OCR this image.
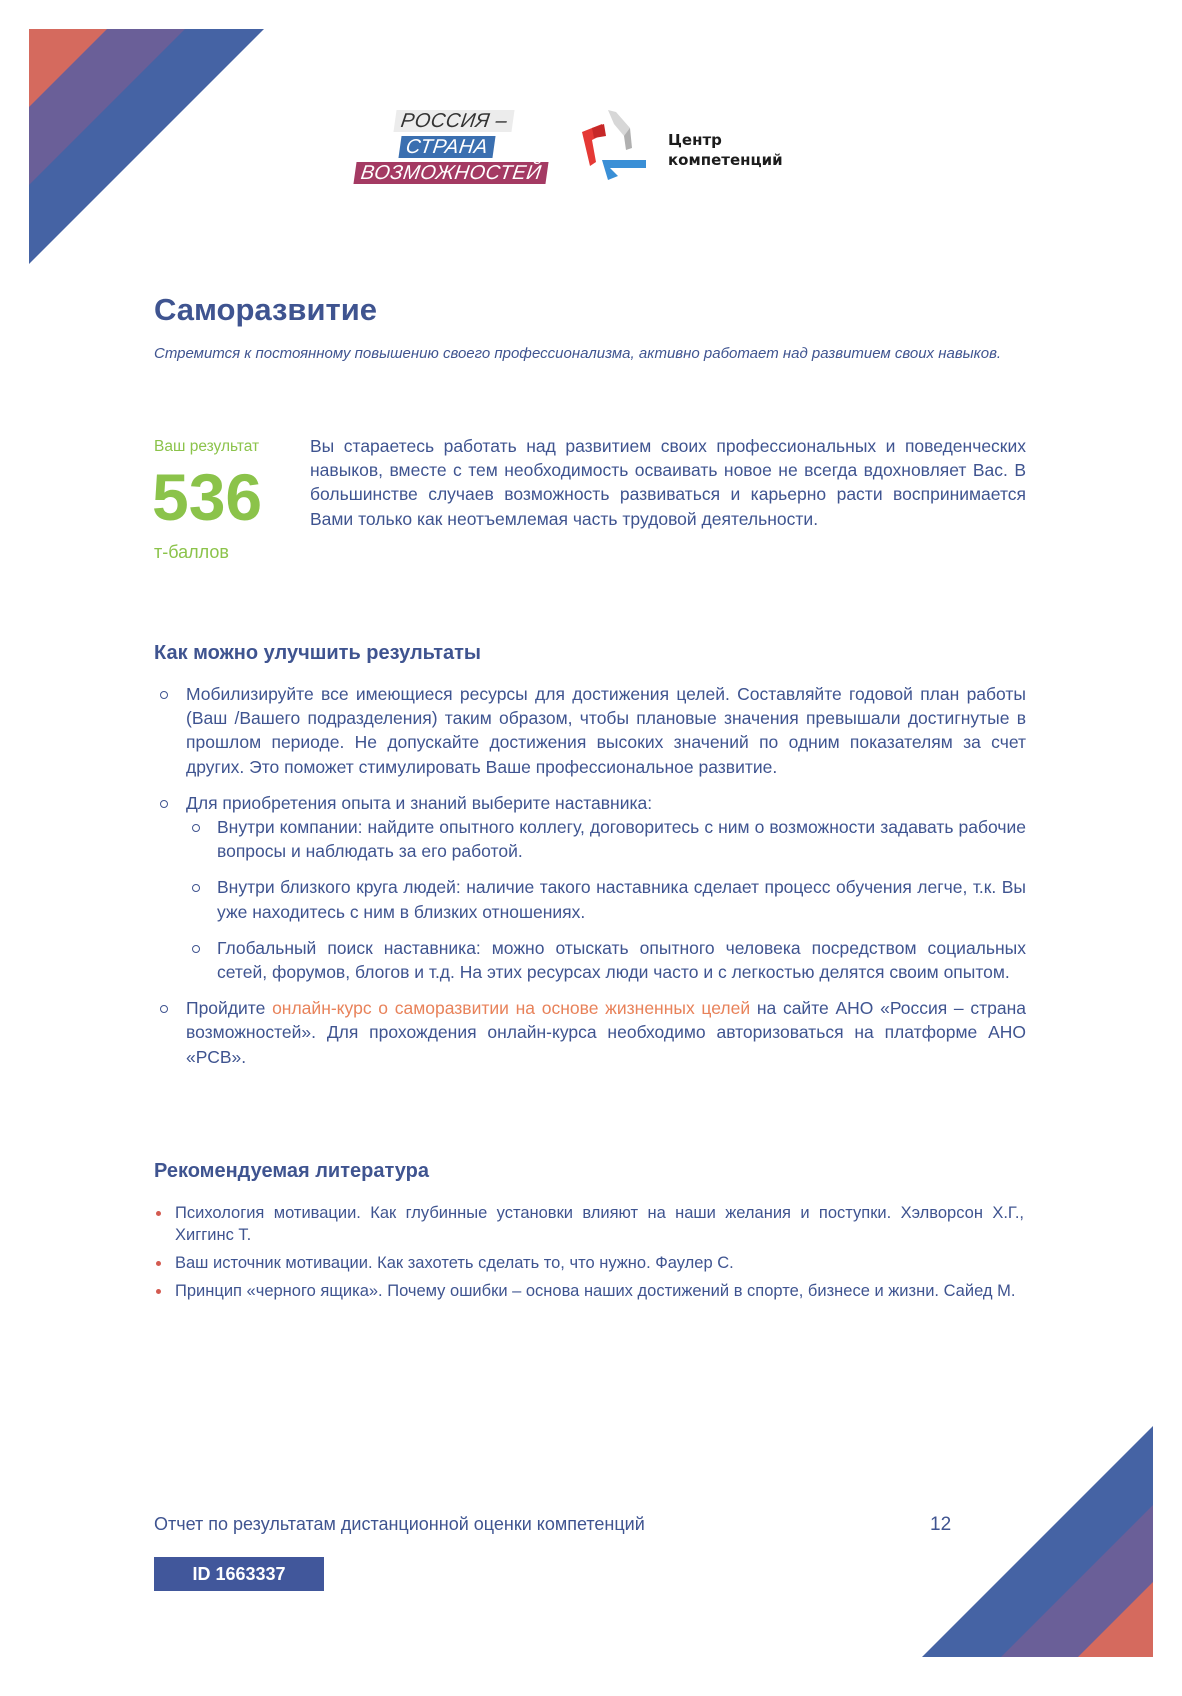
РОССИЯ –
СТРАНА
ВОЗМОЖНОСТЕЙ
Центр
компетенций
Саморазвитие

Стремится к постоянному повышению своего профессионализма, активно работает над развитием своих навыков.

Ваш результат
536
т-баллов

Вы стараетесь работать над развитием своих профессиональных и поведенческих навыков, вместе с тем необходимость осваивать новое не всегда вдохновляет Вас. В большинстве случаев возможность развиваться и карьерно расти воспринимается Вами только как неотъемлемая часть трудовой деятельности.

Как можно улучшить результаты
Мобилизируйте все имеющиеся ресурсы для достижения целей. Составляйте годовой план работы (Ваш /Вашего подразделения) таким образом, чтобы плановые значения превышали достигнутые в прошлом периоде. Не допускайте достижения высоких значений по одним показателям за счет других. Это поможет стимулировать Ваше профессиональное развитие.
Для приобретения опыта и знаний выберите наставника:
Внутри компании: найдите опытного коллегу, договоритесь с ним о возможности задавать рабочие вопросы и наблюдать за его работой.
Внутри близкого круга людей: наличие такого наставника сделает процесс обучения легче, т.к. Вы уже находитесь с ним в близких отношениях.
Глобальный поиск наставника: можно отыскать опытного человека посредством социальных сетей, форумов, блогов и т.д. На этих ресурсах люди часто и с легкостью делятся своим опытом.
Пройдите онлайн-курс о саморазвитии на основе жизненных целей на сайте АНО «Россия – страна возможностей». Для прохождения онлайн-курса необходимо авторизоваться на платформе АНО «РСВ».
Рекомендуемая литература
Психология мотивации. Как глубинные установки влияют на наши желания и поступки. Хэлворсон Х.Г., Хиггинс Т.
Ваш источник мотивации. Как захотеть сделать то, что нужно. Фаулер С.
Принцип «черного ящика». Почему ошибки – основа наших достижений в спорте, бизнесе и жизни. Сайед М.
Отчет по результатам дистанционной оценки компетенций	12
ID 1663337
